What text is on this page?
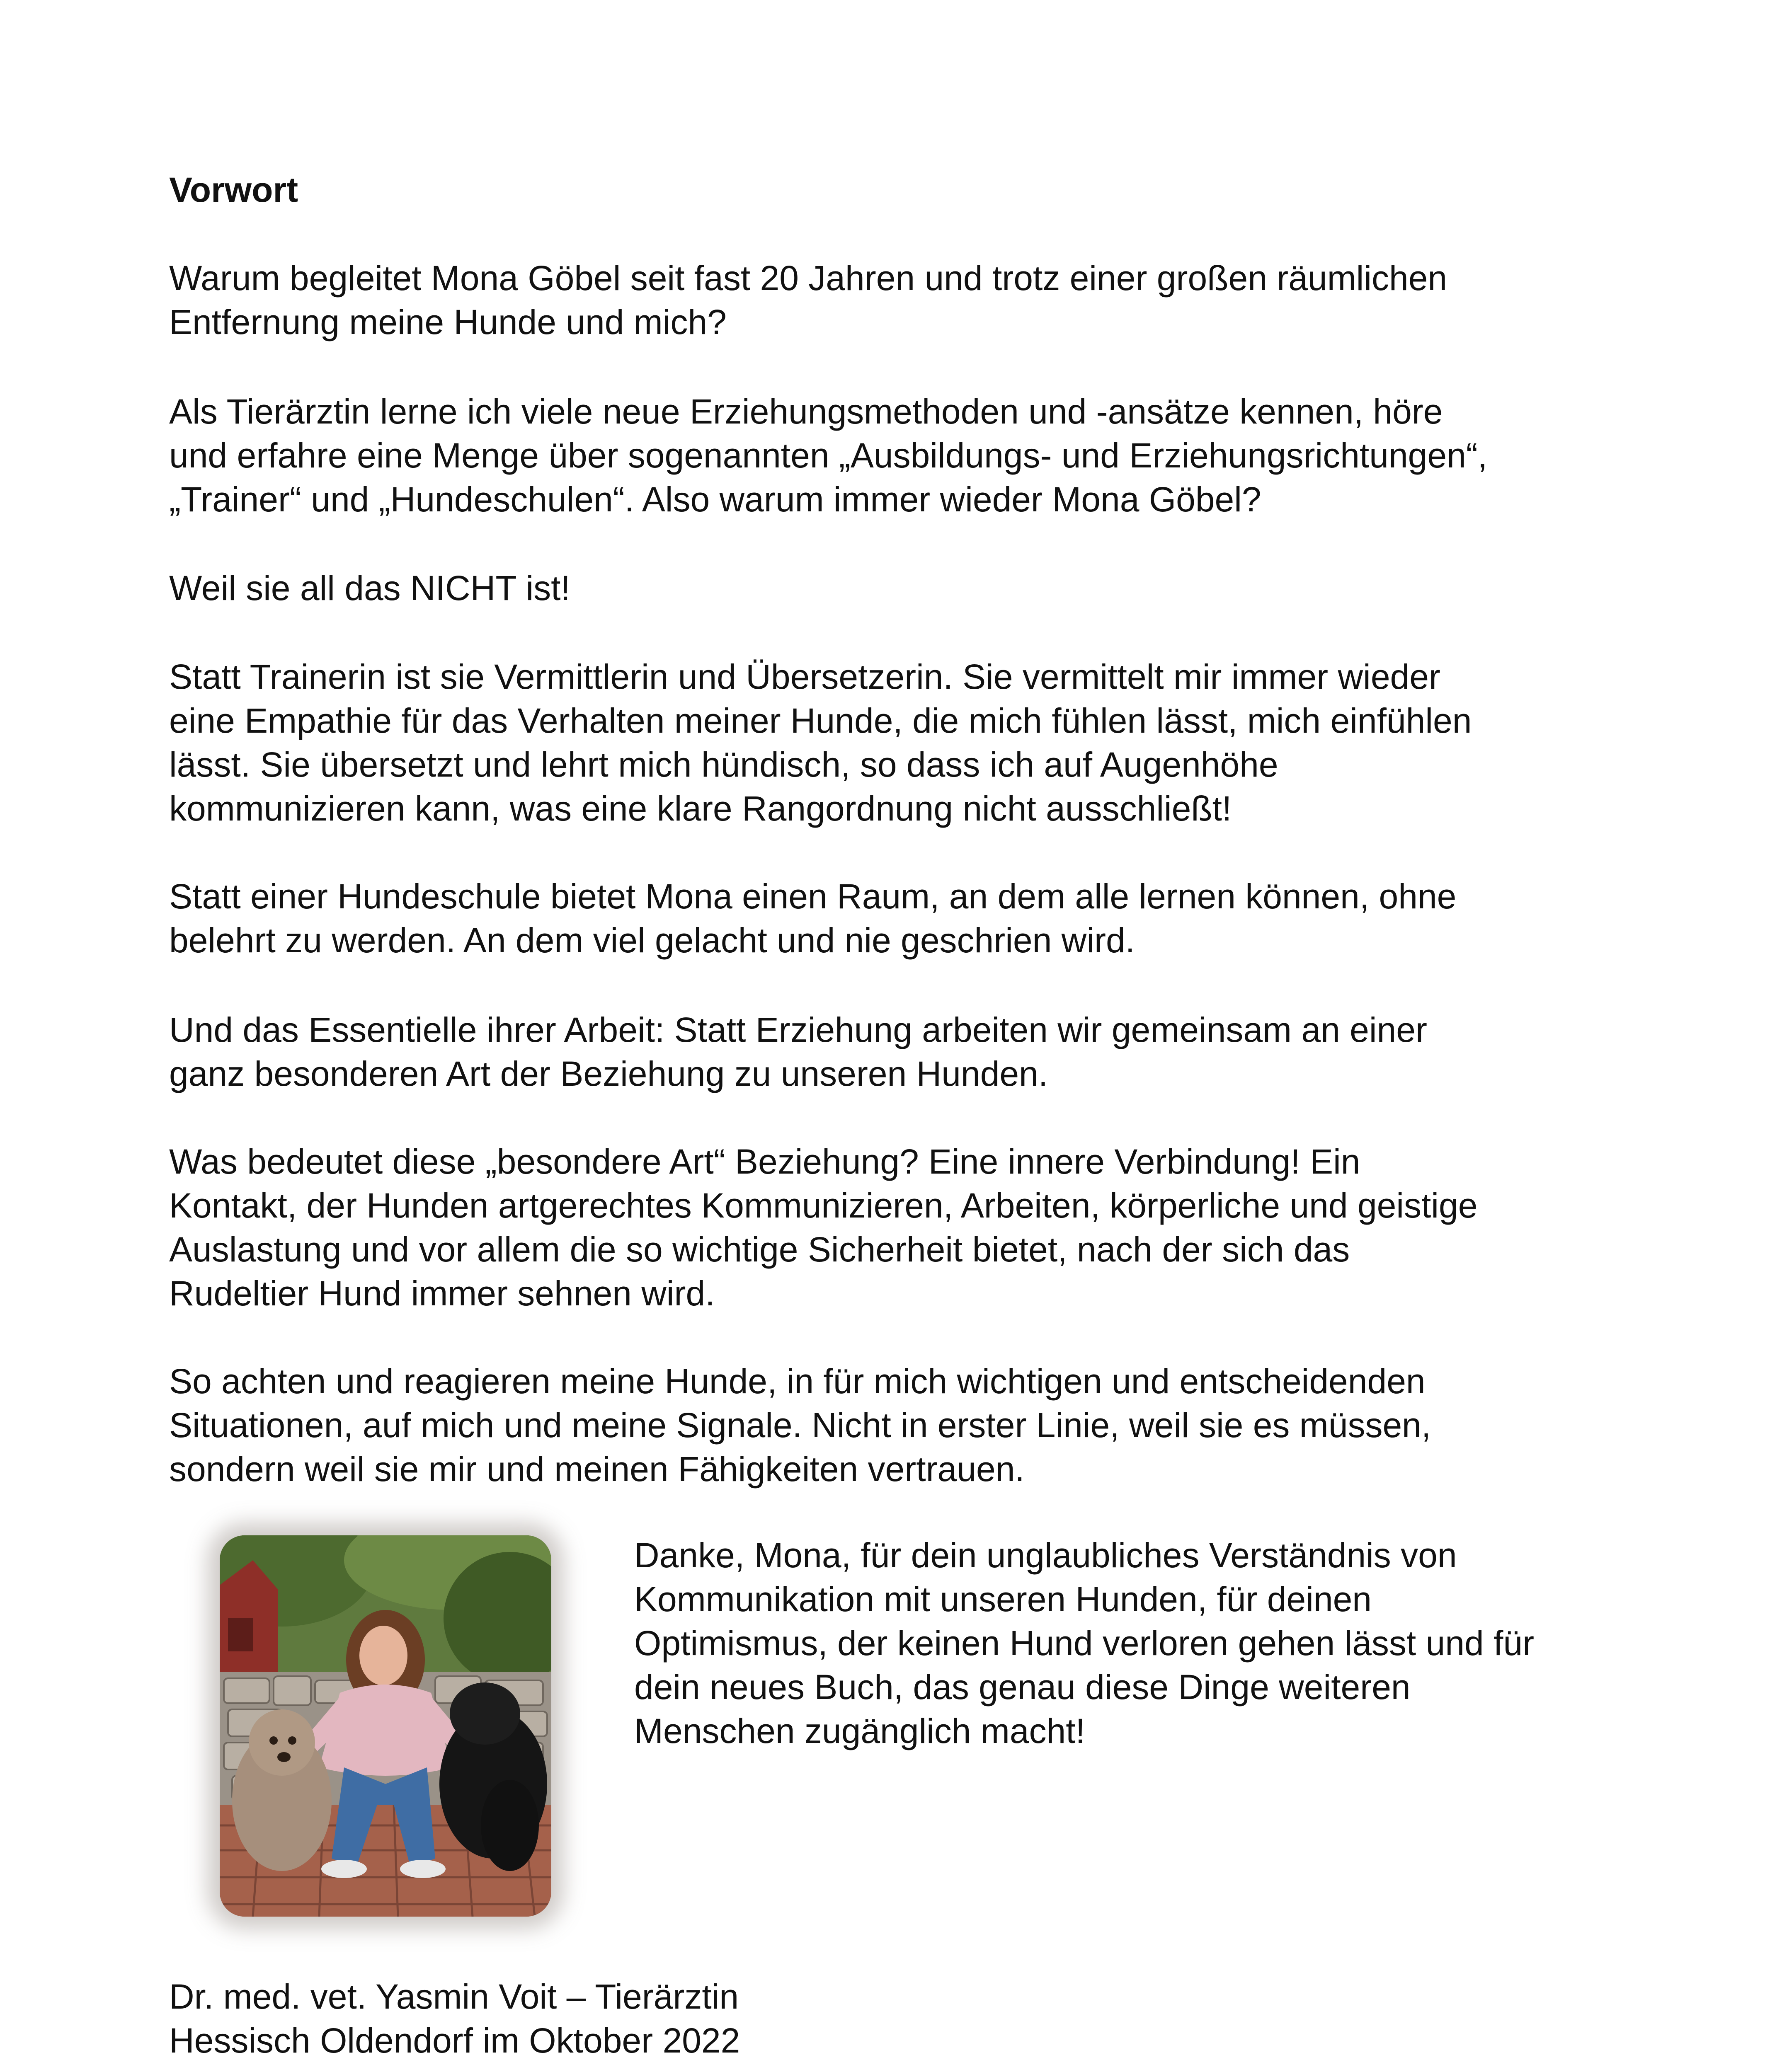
Vorwort

Warum begleitet Mona Göbel seit fast 20 Jahren und trotz einer großen räumlichen
Entfernung meine Hunde und mich?

Als Tierärztin lerne ich viele neue Erziehungsmethoden und -ansätze kennen, höre
und erfahre eine Menge über sogenannten „Ausbildungs- und Erziehungsrichtungen“,
„Trainer“ und „Hundeschulen“. Also warum immer wieder Mona Göbel?

Weil sie all das NICHT ist!

Statt Trainerin ist sie Vermittlerin und Übersetzerin. Sie vermittelt mir immer wieder
eine Empathie für das Verhalten meiner Hunde, die mich fühlen lässt, mich einfühlen
lässt. Sie übersetzt und lehrt mich hündisch, so dass ich auf Augenhöhe
kommunizieren kann, was eine klare Rangordnung nicht ausschließt!

Statt einer Hundeschule bietet Mona einen Raum, an dem alle lernen können, ohne
belehrt zu werden. An dem viel gelacht und nie geschrien wird.

Und das Essentielle ihrer Arbeit: Statt Erziehung arbeiten wir gemeinsam an einer
ganz besonderen Art der Beziehung zu unseren Hunden.

Was bedeutet diese „besondere Art“ Beziehung? Eine innere Verbindung! Ein
Kontakt, der Hunden artgerechtes Kommunizieren, Arbeiten, körperliche und geistige
Auslastung und vor allem die so wichtige Sicherheit bietet, nach der sich das
Rudeltier Hund immer sehnen wird.

So achten und reagieren meine Hunde, in für mich wichtigen und entscheidenden
Situationen, auf mich und meine Signale. Nicht in erster Linie, weil sie es müssen,
sondern weil sie mir und meinen Fähigkeiten vertrauen.

Danke, Mona, für dein unglaubliches Verständnis von
Kommunikation mit unseren Hunden, für deinen
Optimismus, der keinen Hund verloren gehen lässt und für
dein neues Buch, das genau diese Dinge weiteren
Menschen zugänglich macht!

Dr. med. vet. Yasmin Voit – Tierärztin
Hessisch Oldendorf im Oktober 2022
